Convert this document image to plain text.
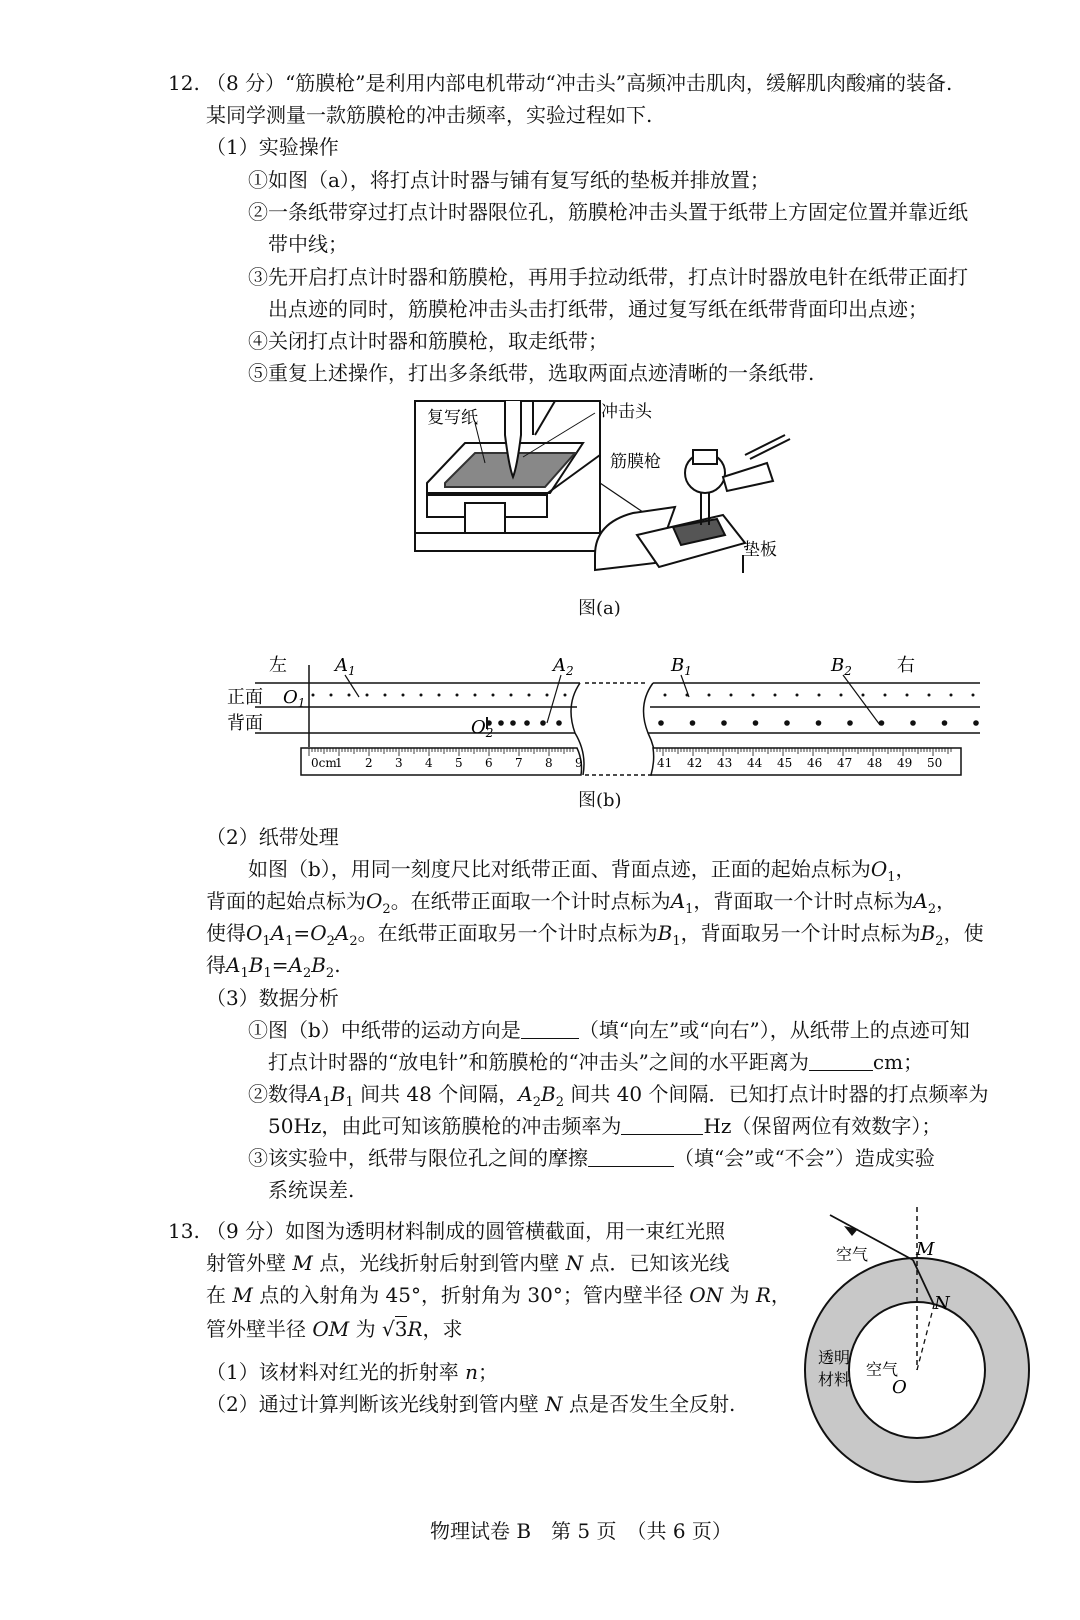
12. （8 分）“筋膜枪”是利用内部电机带动“冲击头”高频冲击肌肉，缓解肌肉酸痛的装备.
某同学测量一款筋膜枪的冲击频率，实验过程如下.
（1）实验操作
①如图（a），将打点计时器与铺有复写纸的垫板并排放置；
②一条纸带穿过打点计时器限位孔，筋膜枪冲击头置于纸带上方固定位置并靠近纸
带中线；
③先开启打点计时器和筋膜枪，再用手拉动纸带，打点计时器放电针在纸带正面打
出点迹的同时，筋膜枪冲击头击打纸带，通过复写纸在纸带背面印出点迹；
④关闭打点计时器和筋膜枪，取走纸带；
⑤重复上述操作，打出多条纸带，选取两面点迹清晰的一条纸带.
复写纸	冲击头
筋膜枪
垫板
图(a)
0cm
1 2 3 4 5 6 7 8 9	41 42 43 44 45 46 47 48 49 50
左	右
正面
背面
$O_1$
$O_2$
$A_1$	$A_2$	$B_1$	$B_2$
图(b)
（2）纸带处理
如图（b），用同一刻度尺比对纸带正面、背面点迹，正面的起始点标为$O_1$，
背面的起始点标为$O_2$。在纸带正面取一个计时点标为$A_1$，背面取一个计时点标为$A_2$，
使得$O_1A_1=O_2A_2$。在纸带正面取另一个计时点标为$B_1$，背面取另一个计时点标为$B_2$，使
得$A_1B_1=A_2B_2$.
（3）数据分析
①图（b）中纸带的运动方向是	（填“向左”或“向右”），从纸带上的点迹可知
打点计时器的“放电针”和筋膜枪的“冲击头”之间的水平距离为	cm；
②数得$A_1B_1$ 间共 48 个间隔，$A_2B_2$ 间共 40 个间隔．已知打点计时器的打点频率为
50Hz，由此可知该筋膜枪的冲击频率为	Hz（保留两位有效数字）；
③该实验中，纸带与限位孔之间的摩擦	（填“会”或“不会”）造成实验
系统误差.
13. （9 分）如图为透明材料制成的圆管横截面，用一束红光照
射管外壁 M 点，光线折射后射到管内壁 N 点．已知该光线
在 M 点的入射角为 45°，折射角为 30°；管内壁半径 ON 为 R，
管外壁半径 OM 为 √3R，求
（1）该材料对红光的折射率 n；
（2）通过计算判断该光线射到管内壁 N 点是否发生全反射.
空气
空气
透明
材料
M
N
O
物理试卷 B　第 5 页　（共 6 页）
